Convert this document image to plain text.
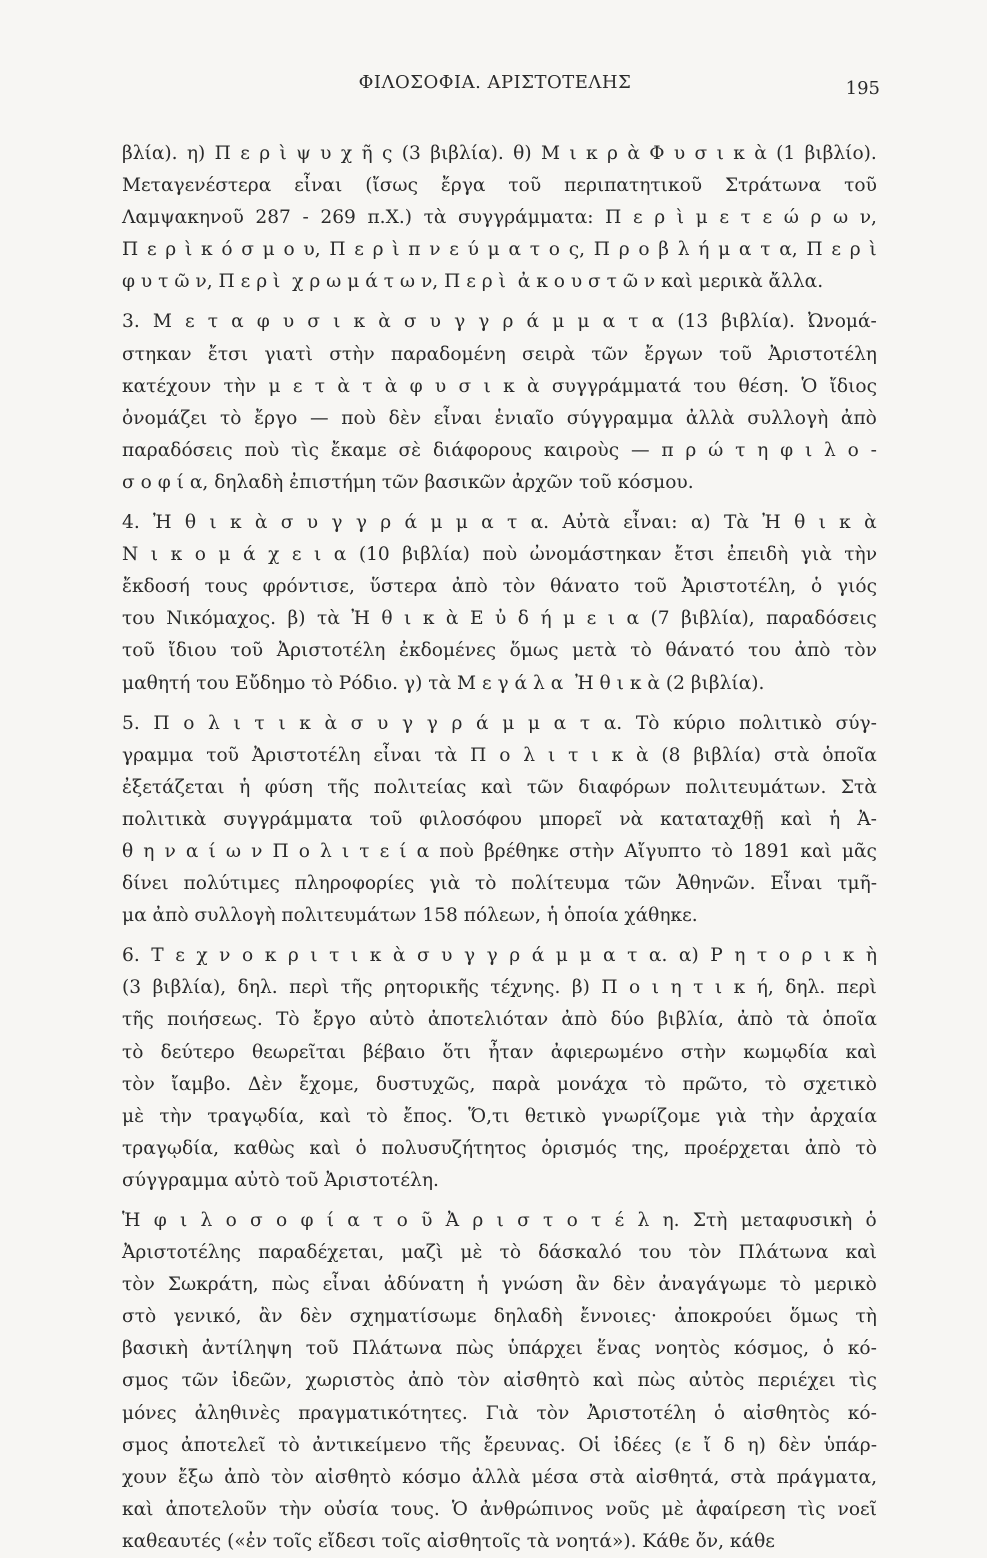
ΦΙΛΟΣΟΦΙΑ. ΑΡΙΣΤΟΤΕΛΗΣ	195
βλία). η) Π ε ρ ὶ ψ υ χ ῆ ς (3 βιβλία). θ) Μ ι κ ρ ὰ Φ υ σ ι κ ὰ (1 βιβλίο).
Μεταγενέστερα εἶναι (ἴσως ἔργα τοῦ περιπατητικοῦ Στράτωνα τοῦ
Λαμψακηνοῦ 287 - 269 π.Χ.) τὰ συγγράμματα: Π ε ρ ὶ μ ε τ ε ώ ρ ω ν,
Π ε ρ ὶ κ ό σ μ ο υ, Π ε ρ ὶ π ν ε ύ μ α τ ο ς, Π ρ ο β λ ή μ α τ α, Π ε ρ ὶ
φ υ τ ῶ ν, Π ε ρ ὶ  χ ρ ω μ ά τ ω ν, Π ε ρ ὶ  ἀ κ ο υ σ τ ῶ ν καὶ μερικὰ ἄλλα.
3. Μ ε τ α φ υ σ ι κ ὰ σ υ γ γ ρ ά μ μ α τ α (13 βιβλία). Ὠνομά-
στηκαν ἔτσι γιατὶ στὴν παραδομένη σειρὰ τῶν ἔργων τοῦ Ἀριστοτέλη
κατέχουν τὴν μ ε τ ὰ τ ὰ φ υ σ ι κ ὰ συγγράμματά του θέση. Ὁ ἴδιος
ὀνομάζει τὸ ἔργο — ποὺ δὲν εἶναι ἑνιαῖο σύγγραμμα ἀλλὰ συλλογὴ ἀπὸ
παραδόσεις ποὺ τὶς ἔκαμε σὲ διάφορους καιροὺς — π ρ ώ τ η φ ι λ ο -
σ ο φ ί α, δηλαδὴ ἐπιστήμη τῶν βασικῶν ἀρχῶν τοῦ κόσμου.
4. Ἠ θ ι κ ὰ σ υ γ γ ρ ά μ μ α τ α. Αὐτὰ εἶναι: α) Τὰ Ἠ θ ι κ ὰ
Ν ι κ ο μ ά χ ε ι α (10 βιβλία) ποὺ ὠνομάστηκαν ἔτσι ἐπειδὴ γιὰ τὴν
ἔκδοσή τους φρόντισε, ὕστερα ἀπὸ τὸν θάνατο τοῦ Ἀριστοτέλη, ὁ γιός
του Νικόμαχος. β) τὰ Ἠ θ ι κ ὰ Ε ὐ δ ή μ ε ι α (7 βιβλία), παραδόσεις
τοῦ ἴδιου τοῦ Ἀριστοτέλη ἐκδομένες ὅμως μετὰ τὸ θάνατό του ἀπὸ τὸν
μαθητή του Εὔδημο τὸ Ρόδιο. γ) τὰ Μ ε γ ά λ α  Ἠ θ ι κ ὰ (2 βιβλία).
5. Π ο λ ι τ ι κ ὰ σ υ γ γ ρ ά μ μ α τ α. Τὸ κύριο πολιτικὸ σύγ-
γραμμα τοῦ Ἀριστοτέλη εἶναι τὰ Π ο λ ι τ ι κ ὰ (8 βιβλία) στὰ ὁποῖα
ἐξετάζεται ἡ φύση τῆς πολιτείας καὶ τῶν διαφόρων πολιτευμάτων. Στὰ
πολιτικὰ συγγράμματα τοῦ φιλοσόφου μπορεῖ νὰ καταταχθῇ καὶ ἡ Ἀ-
θ η ν α ί ω ν Π ο λ ι τ ε ί α ποὺ βρέθηκε στὴν Αἴγυπτο τὸ 1891 καὶ μᾶς
δίνει πολύτιμες πληροφορίες γιὰ τὸ πολίτευμα τῶν Ἀθηνῶν. Εἶναι τμῆ-
μα ἀπὸ συλλογὴ πολιτευμάτων 158 πόλεων, ἡ ὁποία χάθηκε.
6. Τ ε χ ν ο κ ρ ι τ ι κ ὰ σ υ γ γ ρ ά μ μ α τ α. α) Ρ η τ ο ρ ι κ ὴ
(3 βιβλία), δηλ. περὶ τῆς ρητορικῆς τέχνης. β) Π ο ι η τ ι κ ή, δηλ. περὶ
τῆς ποιήσεως. Τὸ ἔργο αὐτὸ ἀποτελιόταν ἀπὸ δύο βιβλία, ἀπὸ τὰ ὁποῖα
τὸ δεύτερο θεωρεῖται βέβαιο ὅτι ἦταν ἀφιερωμένο στὴν κωμῳδία καὶ
τὸν ἴαμβο. Δὲν ἔχομε, δυστυχῶς, παρὰ μονάχα τὸ πρῶτο, τὸ σχετικὸ
μὲ τὴν τραγῳδία, καὶ τὸ ἔπος. Ὅ,τι θετικὸ γνωρίζομε γιὰ τὴν ἀρχαία
τραγῳδία, καθὼς καὶ ὁ πολυσυζήτητος ὁρισμός της, προέρχεται ἀπὸ τὸ
σύγγραμμα αὐτὸ τοῦ Ἀριστοτέλη.
Ἡ φ ι λ ο σ ο φ ί α τ ο ῦ Ἀ ρ ι σ τ ο τ έ λ η. Στὴ μεταφυσικὴ ὁ
Ἀριστοτέλης παραδέχεται, μαζὶ μὲ τὸ δάσκαλό του τὸν Πλάτωνα καὶ
τὸν Σωκράτη, πὼς εἶναι ἀδύνατη ἡ γνώση ἂν δὲν ἀναγάγωμε τὸ μερικὸ
στὸ γενικό, ἂν δὲν σχηματίσωμε δηλαδὴ ἔννοιες· ἀποκρούει ὅμως τὴ
βασικὴ ἀντίληψη τοῦ Πλάτωνα πὼς ὑπάρχει ἕνας νοητὸς κόσμος, ὁ κό-
σμος τῶν ἰδεῶν, χωριστὸς ἀπὸ τὸν αἰσθητὸ καὶ πὼς αὐτὸς περιέχει τὶς
μόνες ἀληθινὲς πραγματικότητες. Γιὰ τὸν Ἀριστοτέλη ὁ αἰσθητὸς κό-
σμος ἀποτελεῖ τὸ ἀντικείμενο τῆς ἔρευνας. Οἱ ἰδέες (ε ἴ δ η) δὲν ὑπάρ-
χουν ἔξω ἀπὸ τὸν αἰσθητὸ κόσμο ἀλλὰ μέσα στὰ αἰσθητά, στὰ πράγματα,
καὶ ἀποτελοῦν τὴν οὐσία τους. Ὁ ἀνθρώπινος νοῦς μὲ ἀφαίρεση τὶς νοεῖ
καθεαυτές («ἐν τοῖς εἴδεσι τοῖς αἰσθητοῖς τὰ νοητά»). Κάθε ὄν, κάθε
